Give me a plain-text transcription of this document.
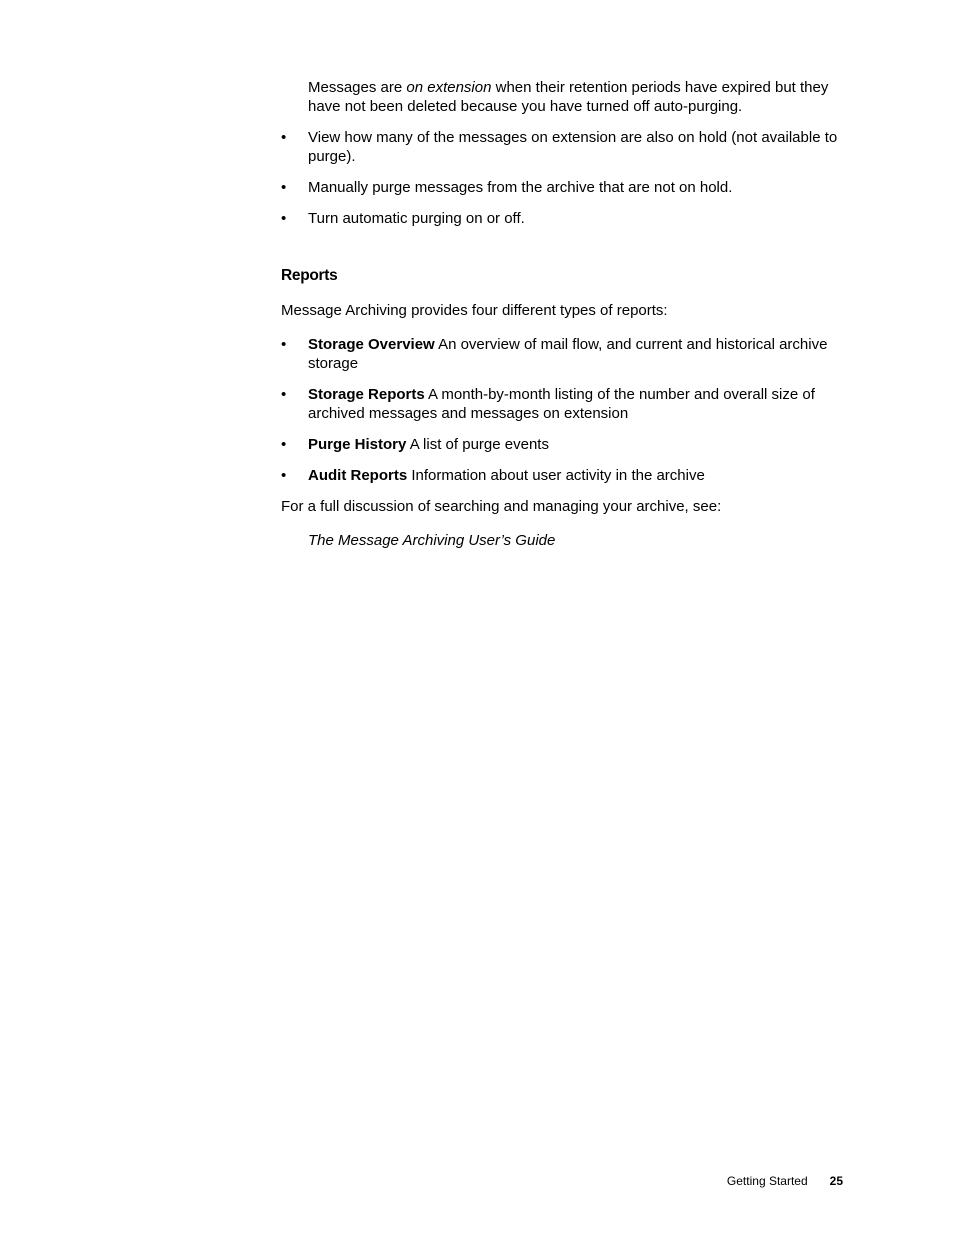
Messages are on extension when their retention periods have expired but they have not been deleted because you have turned off auto-purging.

• View how many of the messages on extension are also on hold (not available to purge).
• Manually purge messages from the archive that are not on hold.
• Turn automatic purging on or off.
Reports

Message Archiving provides four different types of reports:

• Storage Overview An overview of mail flow, and current and historical archive storage
• Storage Reports A month-by-month listing of the number and overall size of archived messages and messages on extension
• Purge History A list of purge events
• Audit Reports Information about user activity in the archive

For a full discussion of searching and managing your archive, see:

The Message Archiving User’s Guide

Getting Started 25
